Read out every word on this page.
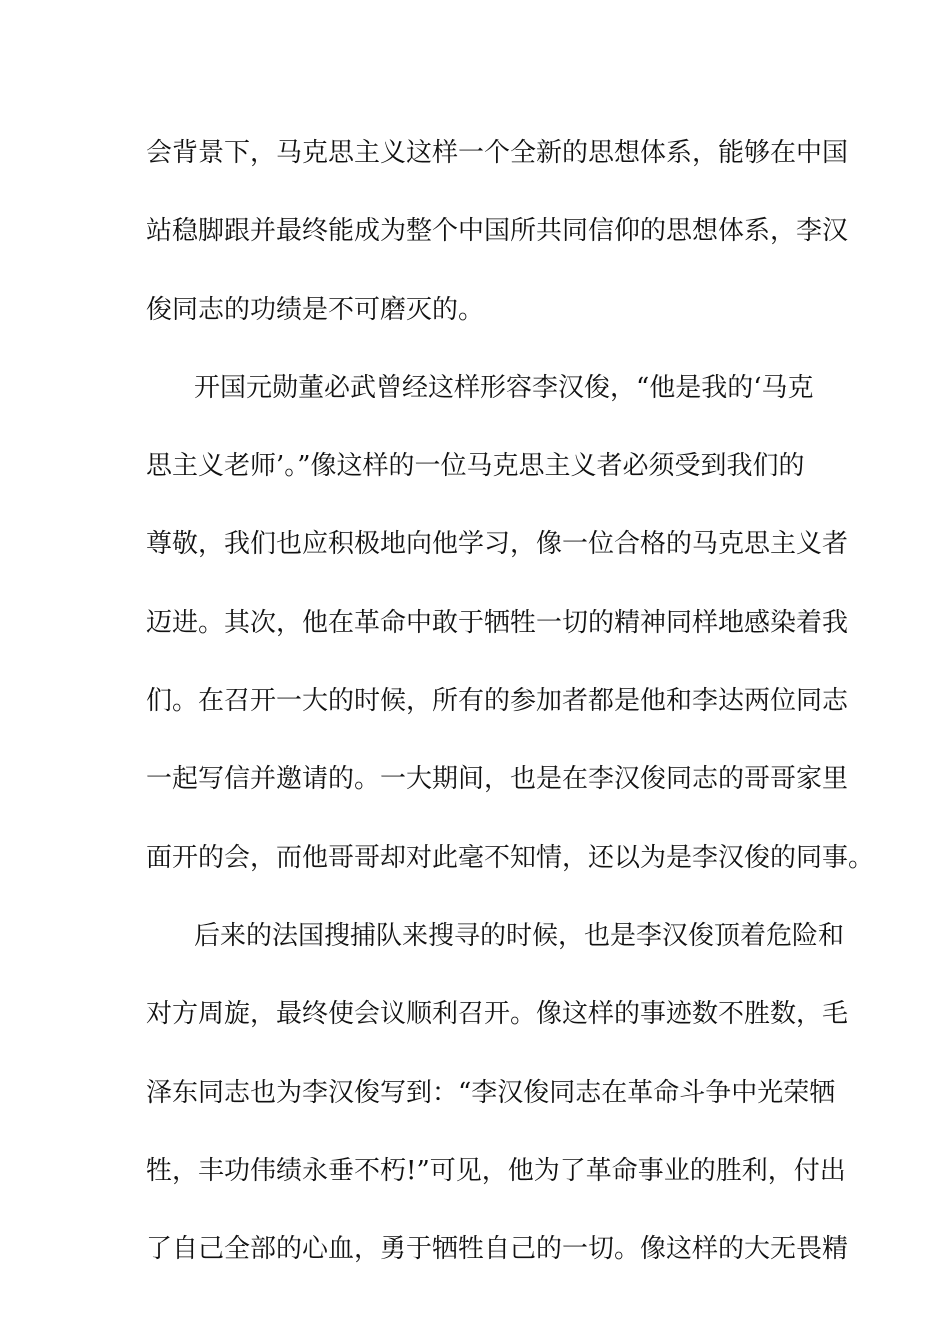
会背景下，马克思主义这样一个全新的思想体系，能够在中国
站稳脚跟并最终能成为整个中国所共同信仰的思想体系，李汉
俊同志的功绩是不可磨灭的。
开国元勋董必武曾经这样形容李汉俊，“他是我的‘马克
思主义老师’。”像这样的一位马克思主义者必须受到我们的
尊敬，我们也应积极地向他学习，像一位合格的马克思主义者
迈进。其次，他在革命中敢于牺牲一切的精神同样地感染着我
们。在召开一大的时候，所有的参加者都是他和李达两位同志
一起写信并邀请的。一大期间，也是在李汉俊同志的哥哥家里
面开的会，而他哥哥却对此毫不知情，还以为是李汉俊的同事。
后来的法国搜捕队来搜寻的时候，也是李汉俊顶着危险和
对方周旋，最终使会议顺利召开。像这样的事迹数不胜数，毛
泽东同志也为李汉俊写到：“李汉俊同志在革命斗争中光荣牺
牲，丰功伟绩永垂不朽!”可见，他为了革命事业的胜利，付出
了自己全部的心血，勇于牺牲自己的一切。像这样的大无畏精
